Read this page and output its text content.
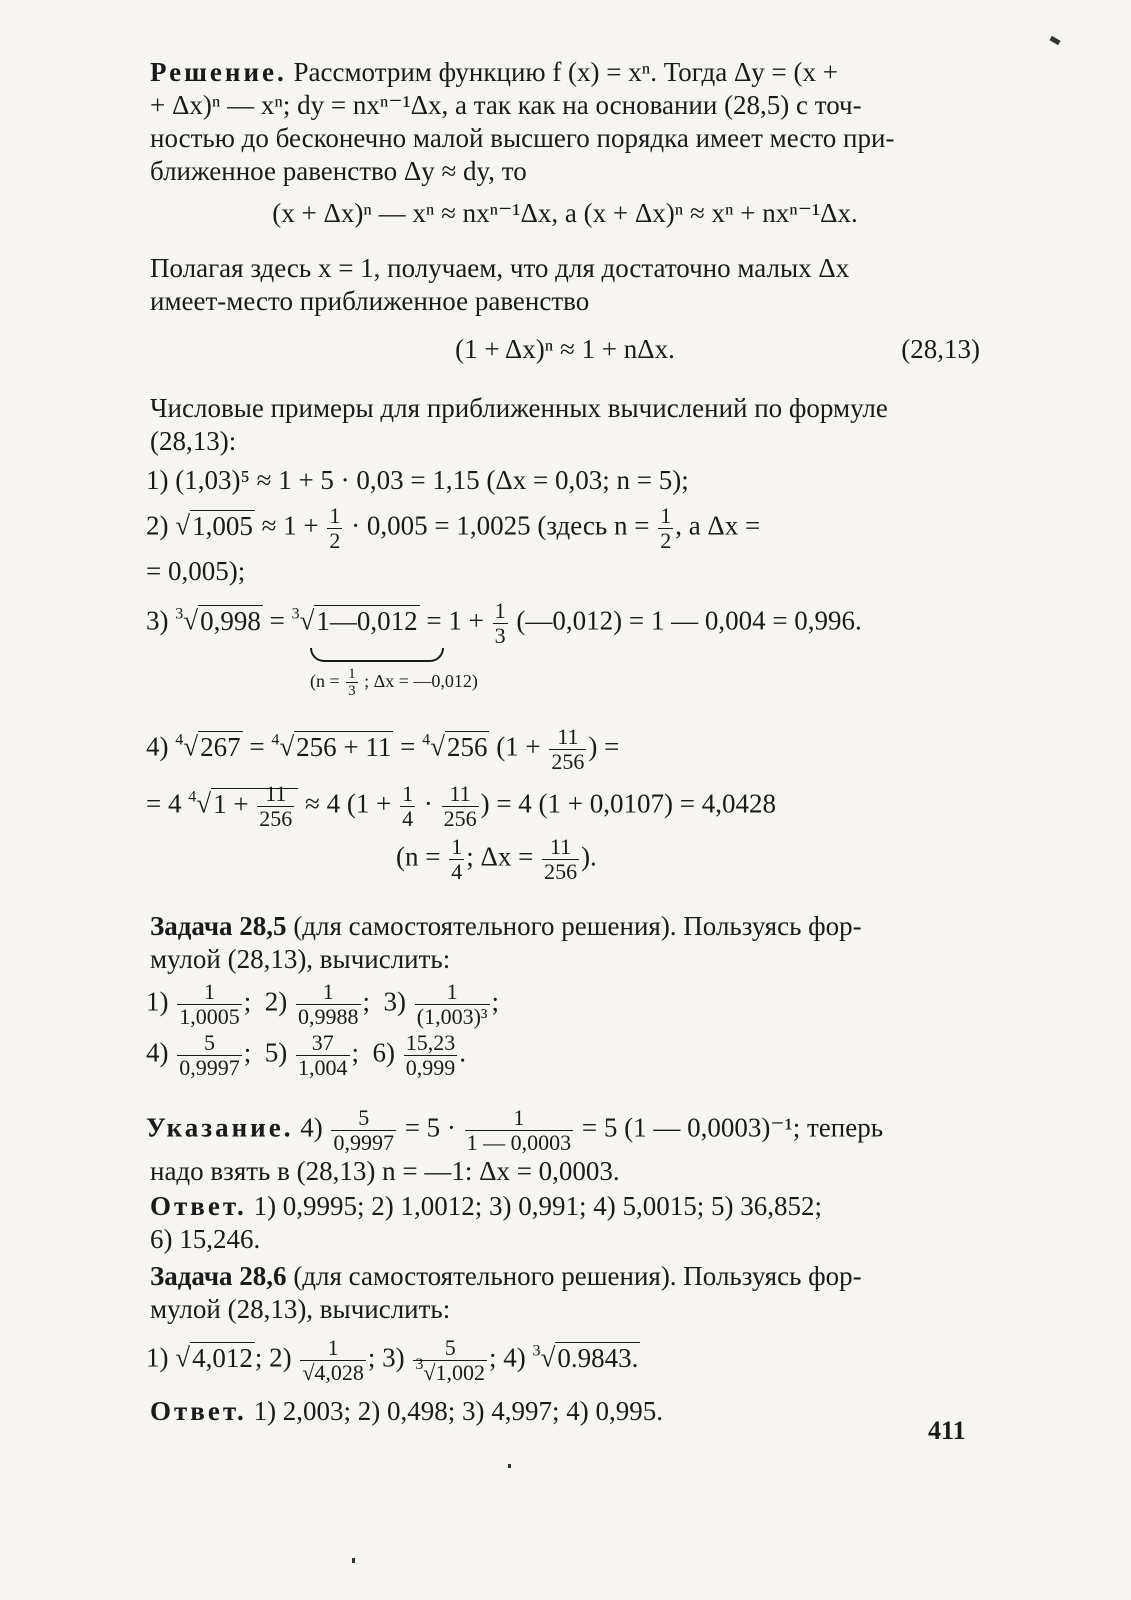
Решение. Рассмотрим функцию f (x) = xⁿ. Тогда Δy = (x +
+ Δx)ⁿ — xⁿ; dy = nxⁿ⁻¹Δx, а так как на основании (28,5) с точ-
ностью до бесконечно малой высшего порядка имеет место при-
ближенное равенство Δy ≈ dy, то

(x + Δx)ⁿ — xⁿ ≈ nxⁿ⁻¹Δx, а (x + Δx)ⁿ ≈ xⁿ + nxⁿ⁻¹Δx.

Полагая здесь x = 1, получаем, что для достаточно малых Δx
имеет-место приближенное равенство

(1 + Δx)ⁿ ≈ 1 + nΔx.	(28,13)

Числовые примеры для приближенных вычислений по формуле
(28,13):

1) (1,03)⁵ ≈ 1 + 5 · 0,03 = 1,15 (Δx = 0,03; n = 5);
2) $√1,005 \approx 1 + \frac{1}{2} \cdot 0,005 = 1,0025$ (здесь $n = \frac{1}{2}$ , а Δx =
= 0,005);
3) $^3$√0,998 = $^3$√1—0,012 = $1 + \frac{1}{3}$ (—0,012) = 1 — 0,004 = 0,996.
($n = \frac{1}{3}$ ; Δx = —0,012)
4) $^4$√267 = $^4$√256 + 11 = $^4$√256 ($1 + \frac{11}{256}$ ) =
= 4 $^4√1 + \frac{11}{256} \approx 4$ ($1 + \frac{1}{4} \cdot \frac{11}{256}$ ) = 4 (1 + 0,0107) = 4,0428
($n = \frac{1}{4}$ ; $\Delta x = \frac{11}{256}$ ).

Задача 28,5 (для самостоятельного решения). Пользуясь фор-
мулой (28,13), вычислить:

$1) \frac{1}{1,0005}$ ;  $2) \frac{1}{0,9988}$ ;  $3) \frac{1}{\text{(1,003)³}}$ ;
$4) \frac{5}{0,9997}$ ;  $5) \frac{37}{1,004}$ ;  $6) \frac{15,23}{0,999}$ .
Указание. $4) \frac{5}{0,9997} = 5 \cdot \frac{1}{1 — 0,0003} = 5$ (1 — 0,0003)⁻¹; теперь

надо взять в (28,13) n = —1: Δx = 0,0003.

Ответ. 1) 0,9995; 2) 1,0012; 3) 0,991; 4) 5,0015; 5) 36,852;
6) 15,246.

Задача 28,6 (для самостоятельного решения). Пользуясь фор-
мулой (28,13), вычислить:

1) √4,012; $2) \frac{1}{√4,028}$ ; $3) \frac{5}{^3√1,002}$ ; 4) $^3$√0.9843.

Ответ. 1) 2,003; 2) 0,498; 3) 4,997; 4) 0,995.

411
